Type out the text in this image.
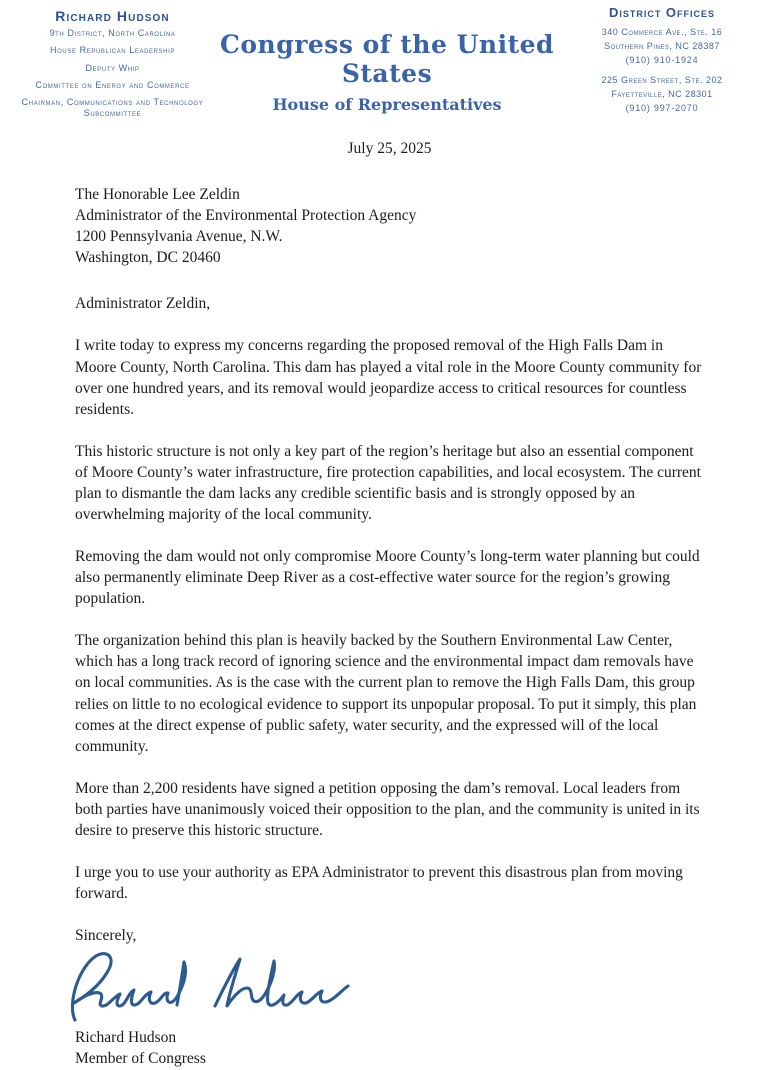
Richard Hudson
9th District, North Carolina
House Republican Leadership
Deputy Whip
Committee on Energy and Commerce
Chairman, Communications and Technology Subcommittee
Congress of the United States
House of Representatives
District Offices
340 Commerce Ave., Ste. 16
Southern Pines, NC 28387
(910) 910-1924
225 Green Street, Ste. 202
Fayetteville, NC 28301
(910) 997-2070

July 25, 2025

The Honorable Lee Zeldin
Administrator of the Environmental Protection Agency
1200 Pennsylvania Avenue, N.W.
Washington, DC 20460

Administrator Zeldin,

I write today to express my concerns regarding the proposed removal of the High Falls Dam in Moore County, North Carolina. This dam has played a vital role in the Moore County community for over one hundred years, and its removal would jeopardize access to critical resources for countless residents.

This historic structure is not only a key part of the region’s heritage but also an essential component of Moore County’s water infrastructure, fire protection capabilities, and local ecosystem. The current plan to dismantle the dam lacks any credible scientific basis and is strongly opposed by an overwhelming majority of the local community.

Removing the dam would not only compromise Moore County’s long-term water planning but could also permanently eliminate Deep River as a cost-effective water source for the region’s growing population.

The organization behind this plan is heavily backed by the Southern Environmental Law Center, which has a long track record of ignoring science and the environmental impact dam removals have on local communities. As is the case with the current plan to remove the High Falls Dam, this group relies on little to no ecological evidence to support its unpopular proposal. To put it simply, this plan comes at the direct expense of public safety, water security, and the expressed will of the local community.

More than 2,200 residents have signed a petition opposing the dam’s removal. Local leaders from both parties have unanimously voiced their opposition to the plan, and the community is united in its desire to preserve this historic structure.

I urge you to use your authority as EPA Administrator to prevent this disastrous plan from moving forward.

Sincerely,

Richard Hudson
Member of Congress
